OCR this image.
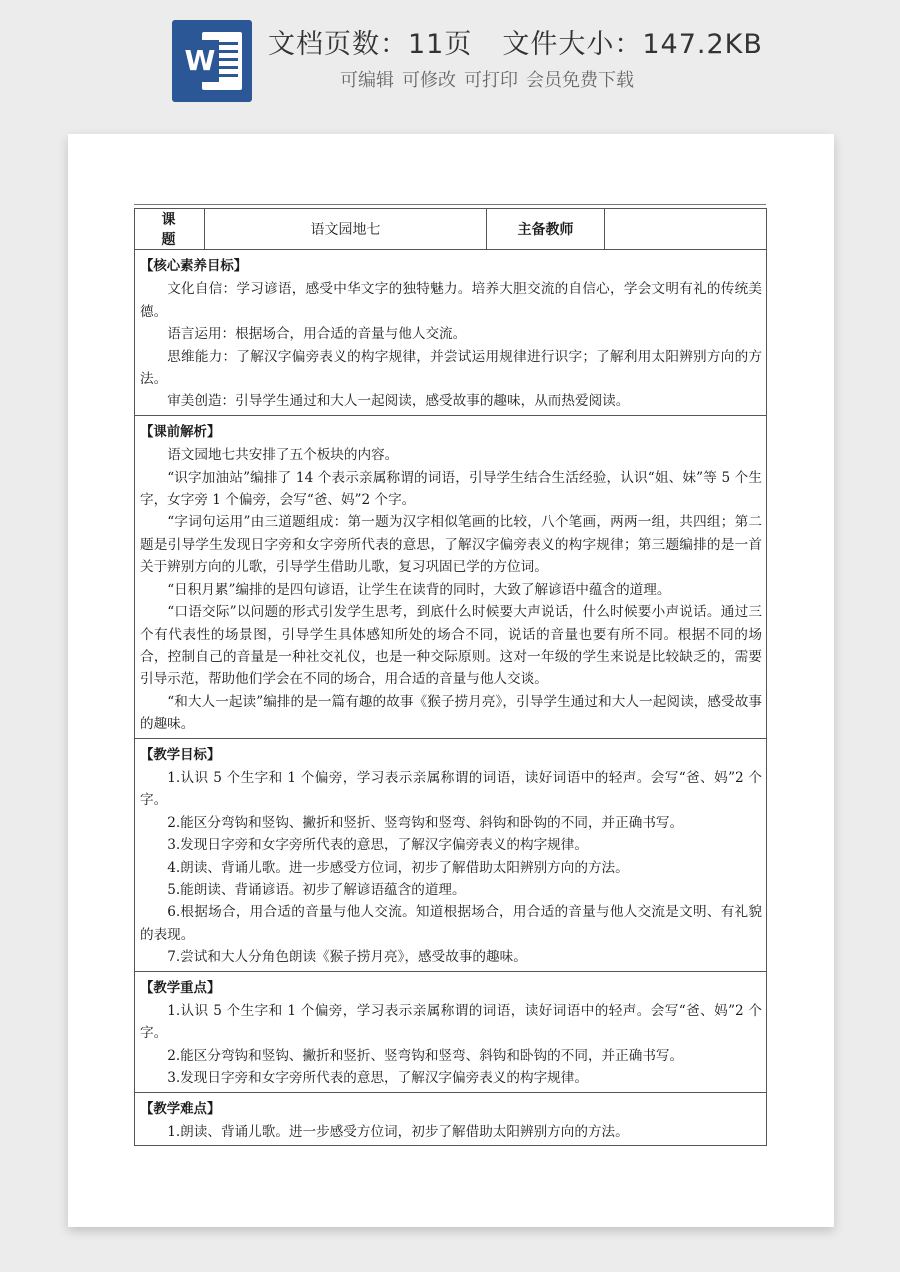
W 文档页数：11页 文件大小：147.2KB
可编辑 可修改 可打印 会员免费下载
课 题	语文园地七	主备教师	

【核心素养目标】

文化自信：学习谚语，感受中华文字的独特魅力。培养大胆交流的自信心，学会文明有礼的传统美德。

语言运用：根据场合，用合适的音量与他人交流。

思维能力：了解汉字偏旁表义的构字规律，并尝试运用规律进行识字；了解利用太阳辨别方向的方法。

审美创造：引导学生通过和大人一起阅读，感受故事的趣味，从而热爱阅读。

【课前解析】

语文园地七共安排了五个板块的内容。

“识字加油站”编排了 14 个表示亲属称谓的词语，引导学生结合生活经验，认识“姐、妹”等 5 个生字，女字旁 1 个偏旁，会写“爸、妈”2 个字。

“字词句运用”由三道题组成：第一题为汉字相似笔画的比较，八个笔画，两两一组，共四组；第二题是引导学生发现日字旁和女字旁所代表的意思，了解汉字偏旁表义的构字规律；第三题编排的是一首关于辨别方向的儿歌，引导学生借助儿歌，复习巩固已学的方位词。

“日积月累”编排的是四句谚语，让学生在读背的同时，大致了解谚语中蕴含的道理。

“口语交际”以问题的形式引发学生思考，到底什么时候要大声说话，什么时候要小声说话。通过三个有代表性的场景图，引导学生具体感知所处的场合不同，说话的音量也要有所不同。根据不同的场合，控制自己的音量是一种社交礼仪，也是一种交际原则。这对一年级的学生来说是比较缺乏的，需要引导示范，帮助他们学会在不同的场合，用合适的音量与他人交谈。

“和大人一起读”编排的是一篇有趣的故事《猴子捞月亮》，引导学生通过和大人一起阅读，感受故事的趣味。

【教学目标】

1.认识 5 个生字和 1 个偏旁，学习表示亲属称谓的词语，读好词语中的轻声。会写“爸、妈”2 个字。

2.能区分弯钩和竖钩、撇折和竖折、竖弯钩和竖弯、斜钩和卧钩的不同，并正确书写。

3.发现日字旁和女字旁所代表的意思，了解汉字偏旁表义的构字规律。

4.朗读、背诵儿歌。进一步感受方位词，初步了解借助太阳辨别方向的方法。

5.能朗读、背诵谚语。初步了解谚语蕴含的道理。

6.根据场合，用合适的音量与他人交流。知道根据场合，用合适的音量与他人交流是文明、有礼貌的表现。

7.尝试和大人分角色朗读《猴子捞月亮》，感受故事的趣味。

【教学重点】

1.认识 5 个生字和 1 个偏旁，学习表示亲属称谓的词语，读好词语中的轻声。会写“爸、妈”2 个字。

2.能区分弯钩和竖钩、撇折和竖折、竖弯钩和竖弯、斜钩和卧钩的不同，并正确书写。

3.发现日字旁和女字旁所代表的意思，了解汉字偏旁表义的构字规律。

【教学难点】

1.朗读、背诵儿歌。进一步感受方位词，初步了解借助太阳辨别方向的方法。
